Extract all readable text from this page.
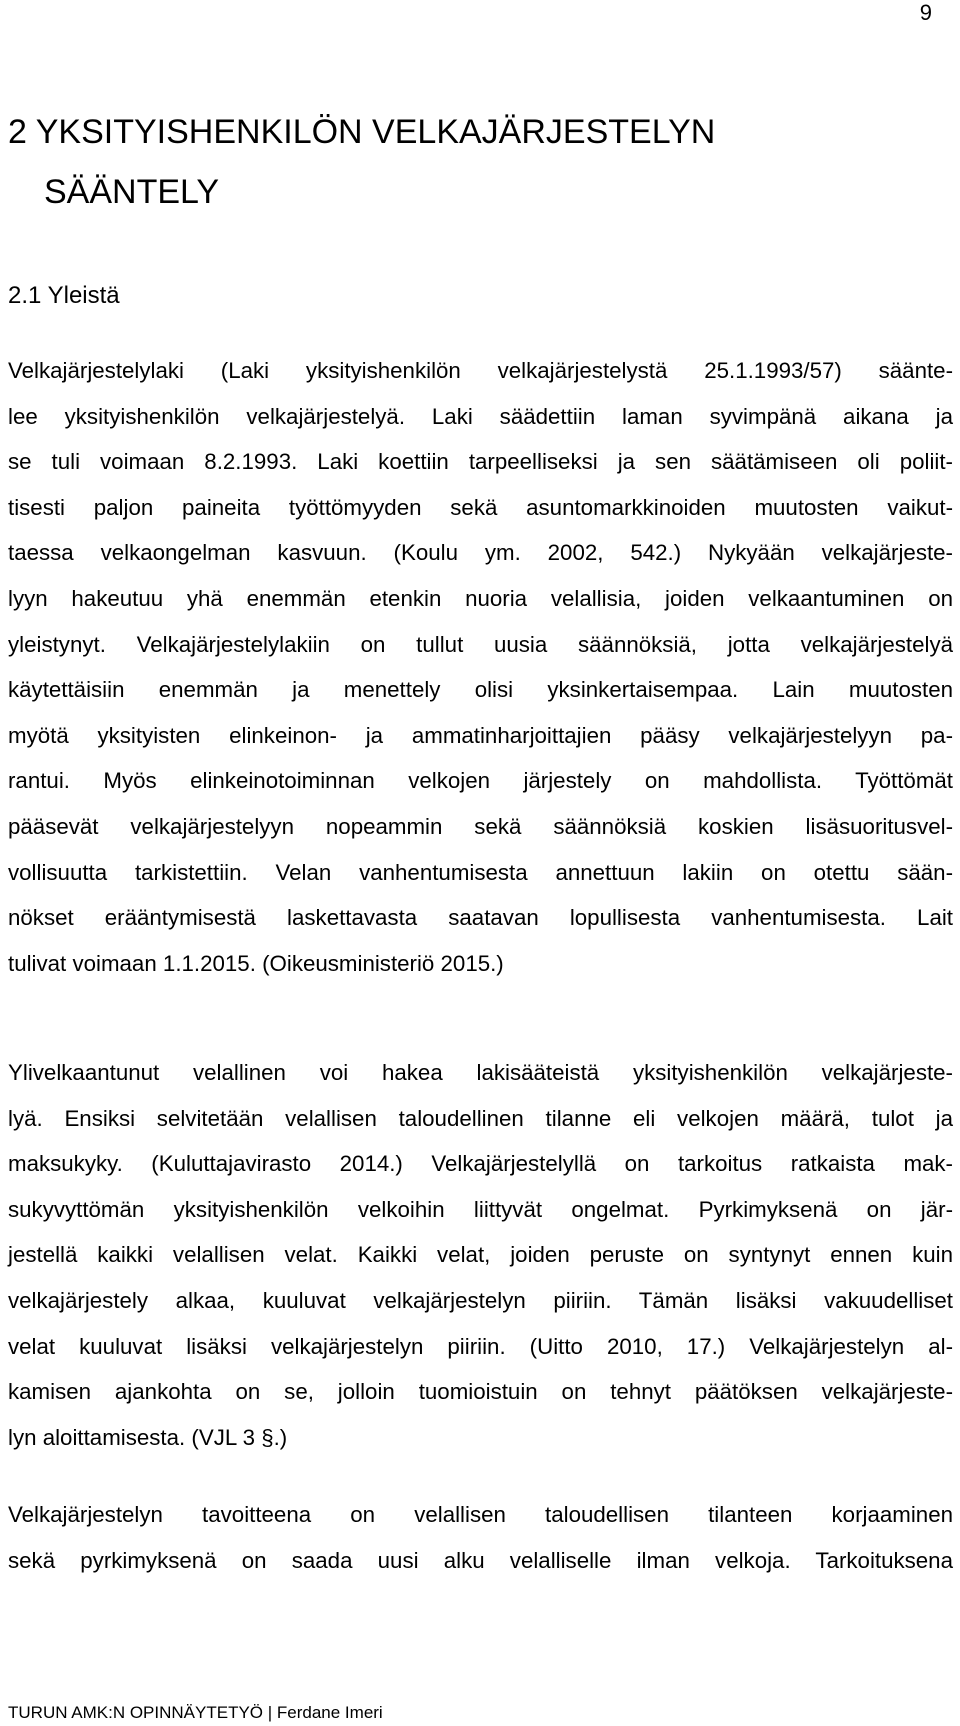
9
2 YKSITYISHENKILÖN VELKAJÄRJESTELYN
SÄÄNTELY
2.1 Yleistä
Velkajärjestelylaki (Laki yksityishenkilön velkajärjestelystä 25.1.1993/57) sääntе-
lee yksityishenkilön velkajärjestelyä. Laki säädettiin laman syvimpänä aikana ja
se tuli voimaan 8.2.1993. Laki koettiin tarpeelliseksi ja sen säätämiseen oli poliit-
tisesti paljon paineita työttömyyden sekä asuntomarkkinoiden muutosten vaikut-
taessa velkaongelman kasvuun. (Koulu ym. 2002, 542.) Nykyään velkajärjeste-
lyyn hakeutuu yhä enemmän etenkin nuoria velallisia, joiden velkaantuminen on
yleistynyt. Velkajärjestelylakiin on tullut uusia säännöksiä, jotta velkajärjestelyä
käytettäisiin enemmän ja menettely olisi yksinkertaisempaa. Lain muutosten
myötä yksityisten elinkeinon- ja ammatinharjoittajien pääsy velkajärjestelyyn pa-
rantui. Myös elinkeinotoiminnan velkojen järjestely on mahdollista. Työttömät
pääsevät velkajärjestelyyn nopeammin sekä säännöksiä koskien lisäsuoritusvel-
vollisuutta tarkistettiin. Velan vanhentumisesta annettuun lakiin on otettu sään-
nökset erääntymisestä laskettavasta saatavan lopullisesta vanhentumisesta. Lait
tulivat voimaan 1.1.2015. (Oikeusministeriö 2015.)
Ylivelkaantunut velallinen voi hakea lakisääteistä yksityishenkilön velkajärjeste-
lyä. Ensiksi selvitetään velallisen taloudellinen tilanne eli velkojen määrä, tulot ja
maksukyky. (Kuluttajavirasto 2014.) Velkajärjestelyllä on tarkoitus ratkaista mak-
sukyvyttömän yksityishenkilön velkoihin liittyvät ongelmat. Pyrkimyksenä on jär-
jestellä kaikki velallisen velat. Kaikki velat, joiden peruste on syntynyt ennen kuin
velkajärjestely alkaa, kuuluvat velkajärjestelyn piiriin. Tämän lisäksi vakuudelliset
velat kuuluvat lisäksi velkajärjestelyn piiriin. (Uitto 2010, 17.) Velkajärjestelyn al-
kamisen ajankohta on se, jolloin tuomioistuin on tehnyt päätöksen velkajärjeste-
lyn aloittamisesta. (VJL 3 §.)
Velkajärjestelyn tavoitteena on velallisen taloudellisen tilanteen korjaaminen
sekä pyrkimyksenä on saada uusi alku velalliselle ilman velkoja. Tarkoituksena
TURUN AMK:N OPINNÄYTETYÖ | Ferdane Imeri
